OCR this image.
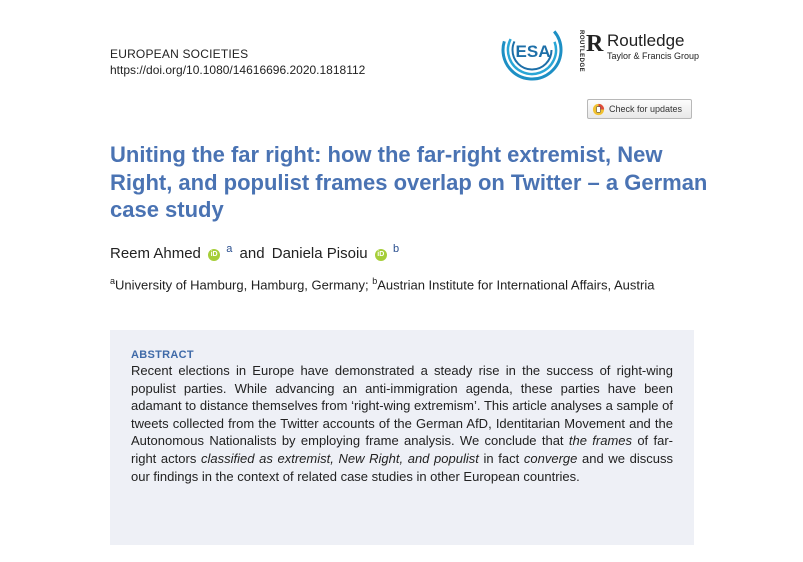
EUROPEAN SOCIETIES
https://doi.org/10.1080/14616696.2020.1818112
ESA	ROUTLEDGE R Routledge
Taylor & Francis Group
Check for updates
Uniting the far right: how the far-right extremist, New Right, and populist frames overlap on Twitter – a German case study
Reem Ahmed iD $^a$ and Daniela Pisoiu iD $^b$
$^a$University of Hamburg, Hamburg, Germany; $^b$Austrian Institute for International Affairs, Austria
ABSTRACT

Recent elections in Europe have demonstrated a steady rise in the success of right-wing populist parties. While advancing an anti-immigration agenda, these parties have been adamant to distance themselves from ‘right-wing extremism’. This article analyses a sample of tweets collected from the Twitter accounts of the German AfD, Identitarian Movement and the Autonomous Nationalists by employing frame analysis. We conclude that the frames of far-right actors classified as extremist, New Right, and populist in fact converge and we discuss our findings in the context of related case studies in other European countries.
